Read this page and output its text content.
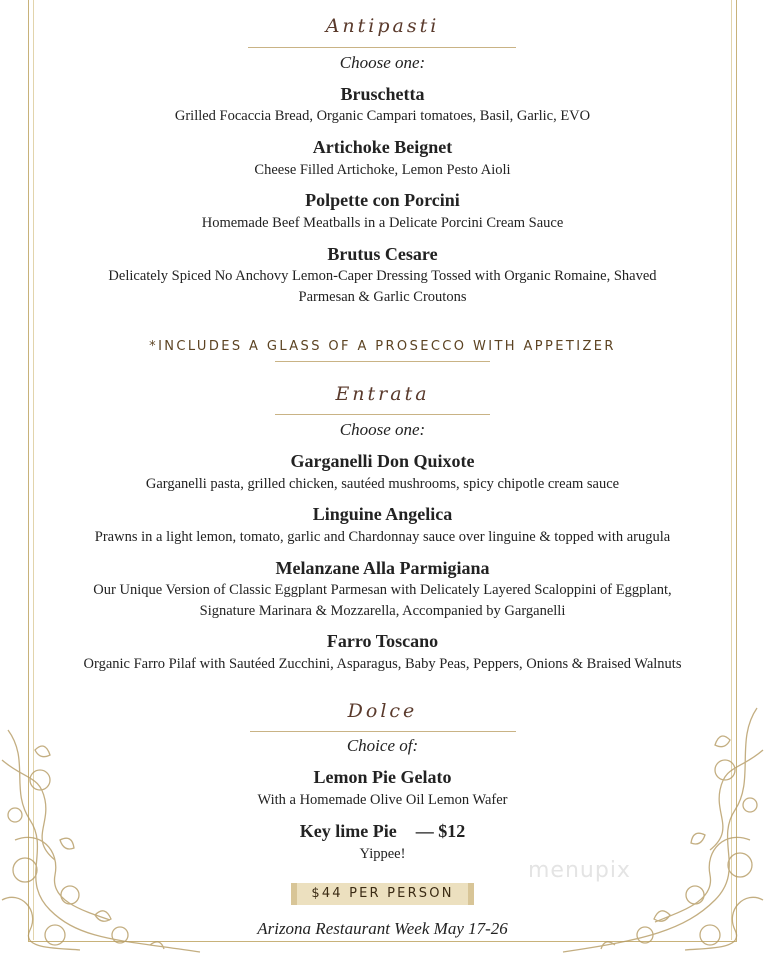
Antipasti
Choose one:
Bruschetta
Grilled Focaccia Bread, Organic Campari tomatoes, Basil, Garlic, EVO
Artichoke Beignet
Cheese Filled Artichoke, Lemon Pesto Aioli
Polpette con Porcini
Homemade Beef Meatballs in a Delicate Porcini Cream Sauce
Brutus Cesare
Delicately Spiced No Anchovy Lemon-Caper Dressing Tossed with Organic Romaine, Shaved
Parmesan & Garlic Croutons
*INCLUDES A GLASS OF A PROSECCO WITH APPETIZER
Entrata
Choose one:
Garganelli Don Quixote
Garganelli pasta, grilled chicken, sautéed mushrooms, spicy chipotle cream sauce
Linguine Angelica
Prawns in a light lemon, tomato, garlic and Chardonnay sauce over linguine & topped with arugula
Melanzane Alla Parmigiana
Our Unique Version of Classic Eggplant Parmesan with Delicately Layered Scaloppini of Eggplant,
Signature Marinara & Mozzarella, Accompanied by Garganelli
Farro Toscano
Organic Farro Pilaf with Sautéed Zucchini, Asparagus, Baby Peas, Peppers, Onions & Braised Walnuts
Dolce
Choice of:
Lemon Pie Gelato
With a Homemade Olive Oil Lemon Wafer
Key lime Pie — $12
Yippee!
menupix
$44 PER PERSON
Arizona Restaurant Week May 17-26
